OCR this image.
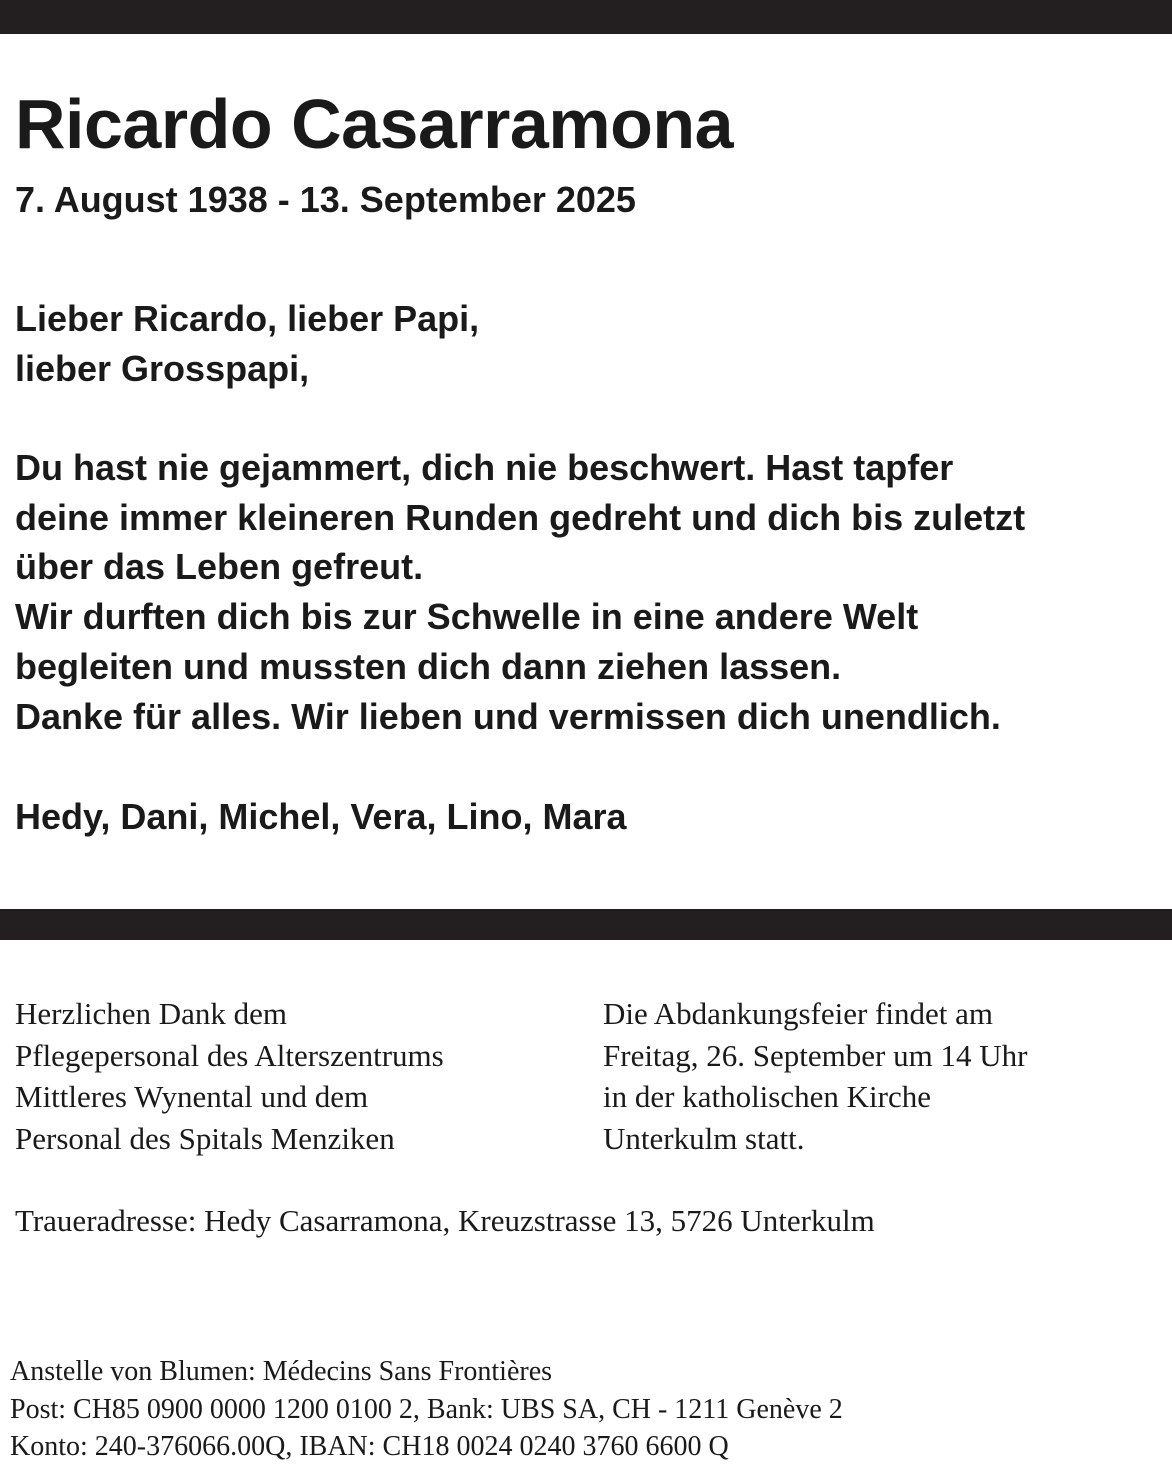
Ricardo Casarramona

7. August 1938 - 13. September 2025

Lieber Ricardo, lieber Papi,
lieber Grosspapi,
Du hast nie gejammert, dich nie beschwert. Hast tapfer
deine immer kleineren Runden gedreht und dich bis zuletzt
über das Leben gefreut.
Wir durften dich bis zur Schwelle in eine andere Welt
begleiten und mussten dich dann ziehen lassen.
Danke für alles. Wir lieben und vermissen dich unendlich.
Hedy, Dani, Michel, Vera, Lino, Mara
Herzlichen Dank dem
Pflegepersonal des Alterszentrums
Mittleres Wynental und dem
Personal des Spitals Menziken
Die Abdankungsfeier findet am
Freitag, 26. September um 14 Uhr
in der katholischen Kirche
Unterkulm statt.
Traueradresse: Hedy Casarramona, Kreuzstrasse 13, 5726 Unterkulm
Anstelle von Blumen: Médecins Sans Frontières
Post: CH85 0900 0000 1200 0100 2, Bank: UBS SA, CH - 1211 Genève 2
Konto: 240-376066.00Q, IBAN: CH18 0024 0240 3760 6600 Q
